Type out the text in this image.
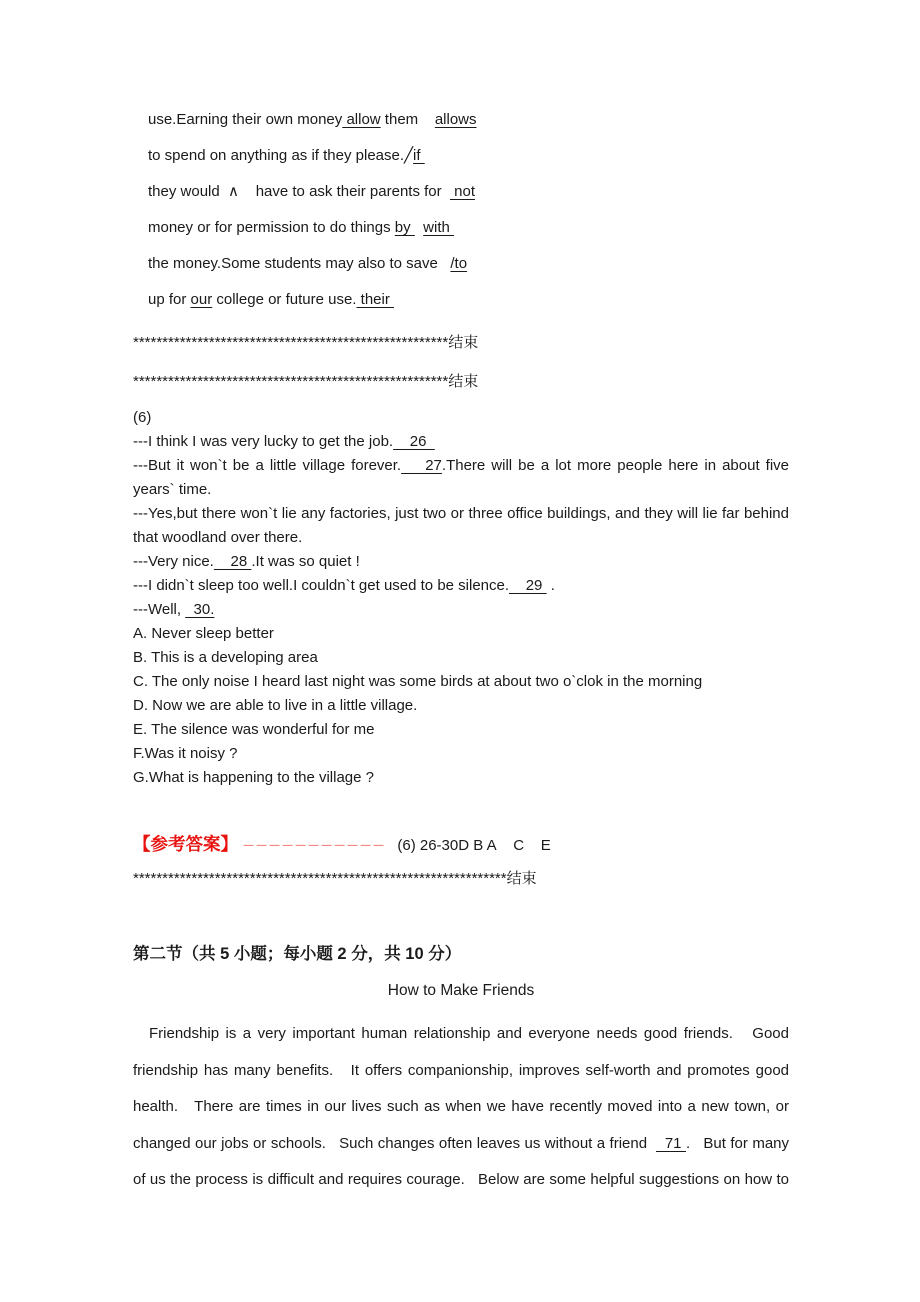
use.Earning their own money allow them    allows

to spend on anything as if they please.╱if

they would  ∧    have to ask their parents for   not

money or for permission to do things by   with

the money.Some students may also to save   /to

up for our college or future use. their

******************************************************结束

******************************************************结束

(6)

---I think I was very lucky to get the job.    26

---But it won`t be a little village forever.    27.There will be a lot more people here in about five years` time.

---Yes,but there won`t lie any factories, just two or three office buildings, and they will lie far behind that woodland over there.

---Very nice.    28 .It was so quiet !

---I didn`t sleep too well.I couldn`t get used to be silence.    29  .

---Well,   30.

A. Never sleep better

B. This is a developing area

C. The only noise I heard last night was some birds at about two o`clok in the morning

D. Now we are able to live in a little village.

E. The silence was wonderful for me

F.Was it noisy ?

G.What is happening to the village ?

【参考答案】 －－－－－－－－－－－ (6) 26-30D B A    C    E

****************************************************************结束

第二节（共 5 小题；每小题 2 分，共 10 分）

How to Make Friends

Friendship is a very important human relationship and everyone needs good friends.   Good friendship has many benefits.   It offers companionship, improves self-worth and promotes good health.   There are times in our lives such as when we have recently moved into a new town, or changed our jobs or schools.   Such changes often leaves us without a friend    71 .   But for many of us the process is difficult and requires courage.   Below are some helpful suggestions on how to
